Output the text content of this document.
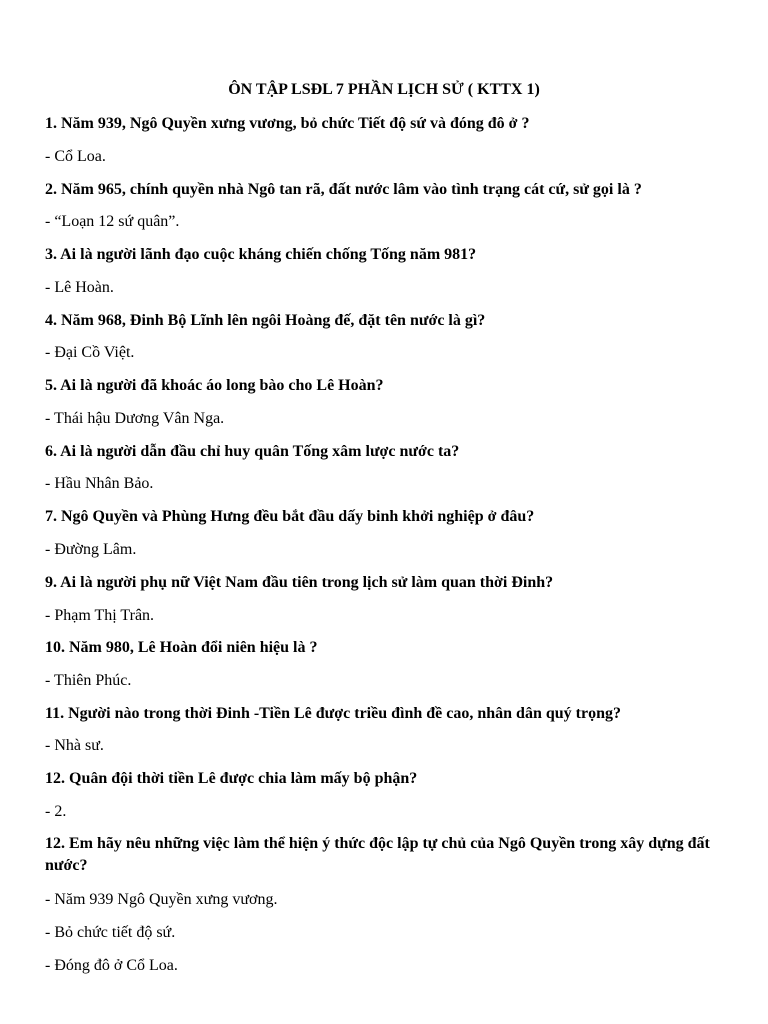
ÔN TẬP LSĐL 7 PHẦN LỊCH SỬ ( KTTX 1)
1. Năm 939, Ngô Quyền xưng vương, bỏ chức Tiết độ sứ và đóng đô ở ?
- Cổ Loa.
2. Năm 965, chính quyền nhà Ngô tan rã, đất nước lâm vào tình trạng cát cứ, sử gọi là ?
- “Loạn 12 sứ quân”.
3. Ai là người lãnh đạo cuộc kháng chiến chống Tống năm 981?
- Lê Hoàn.
4. Năm 968, Đinh Bộ Lĩnh lên ngôi Hoàng đế, đặt tên nước là gì?
- Đại Cồ Việt.
5. Ai là người đã khoác áo long bào cho Lê Hoàn?
- Thái hậu Dương Vân Nga.
6. Ai là người dẫn đầu chỉ huy quân Tống xâm lược nước ta?
- Hầu Nhân Bảo.
7. Ngô Quyền và Phùng Hưng đều bắt đầu dấy binh khởi nghiệp ở đâu?
- Đường Lâm.
9. Ai là người phụ nữ Việt Nam đầu tiên trong lịch sử làm quan thời Đinh?
- Phạm Thị Trân.
10. Năm 980, Lê Hoàn đổi niên hiệu là ?
- Thiên Phúc.
11. Người nào trong thời Đinh -Tiền Lê được triều đình đề cao, nhân dân quý trọng?
- Nhà sư.
12. Quân đội thời tiền Lê được chia làm mấy bộ phận?
- 2.
12. Em hãy nêu những việc làm thể hiện ý thức độc lập tự chủ của Ngô Quyền trong xây dựng đất nước?
- Năm 939 Ngô Quyền xưng vương.
- Bỏ chức tiết độ sứ.
- Đóng đô ở Cổ Loa.
